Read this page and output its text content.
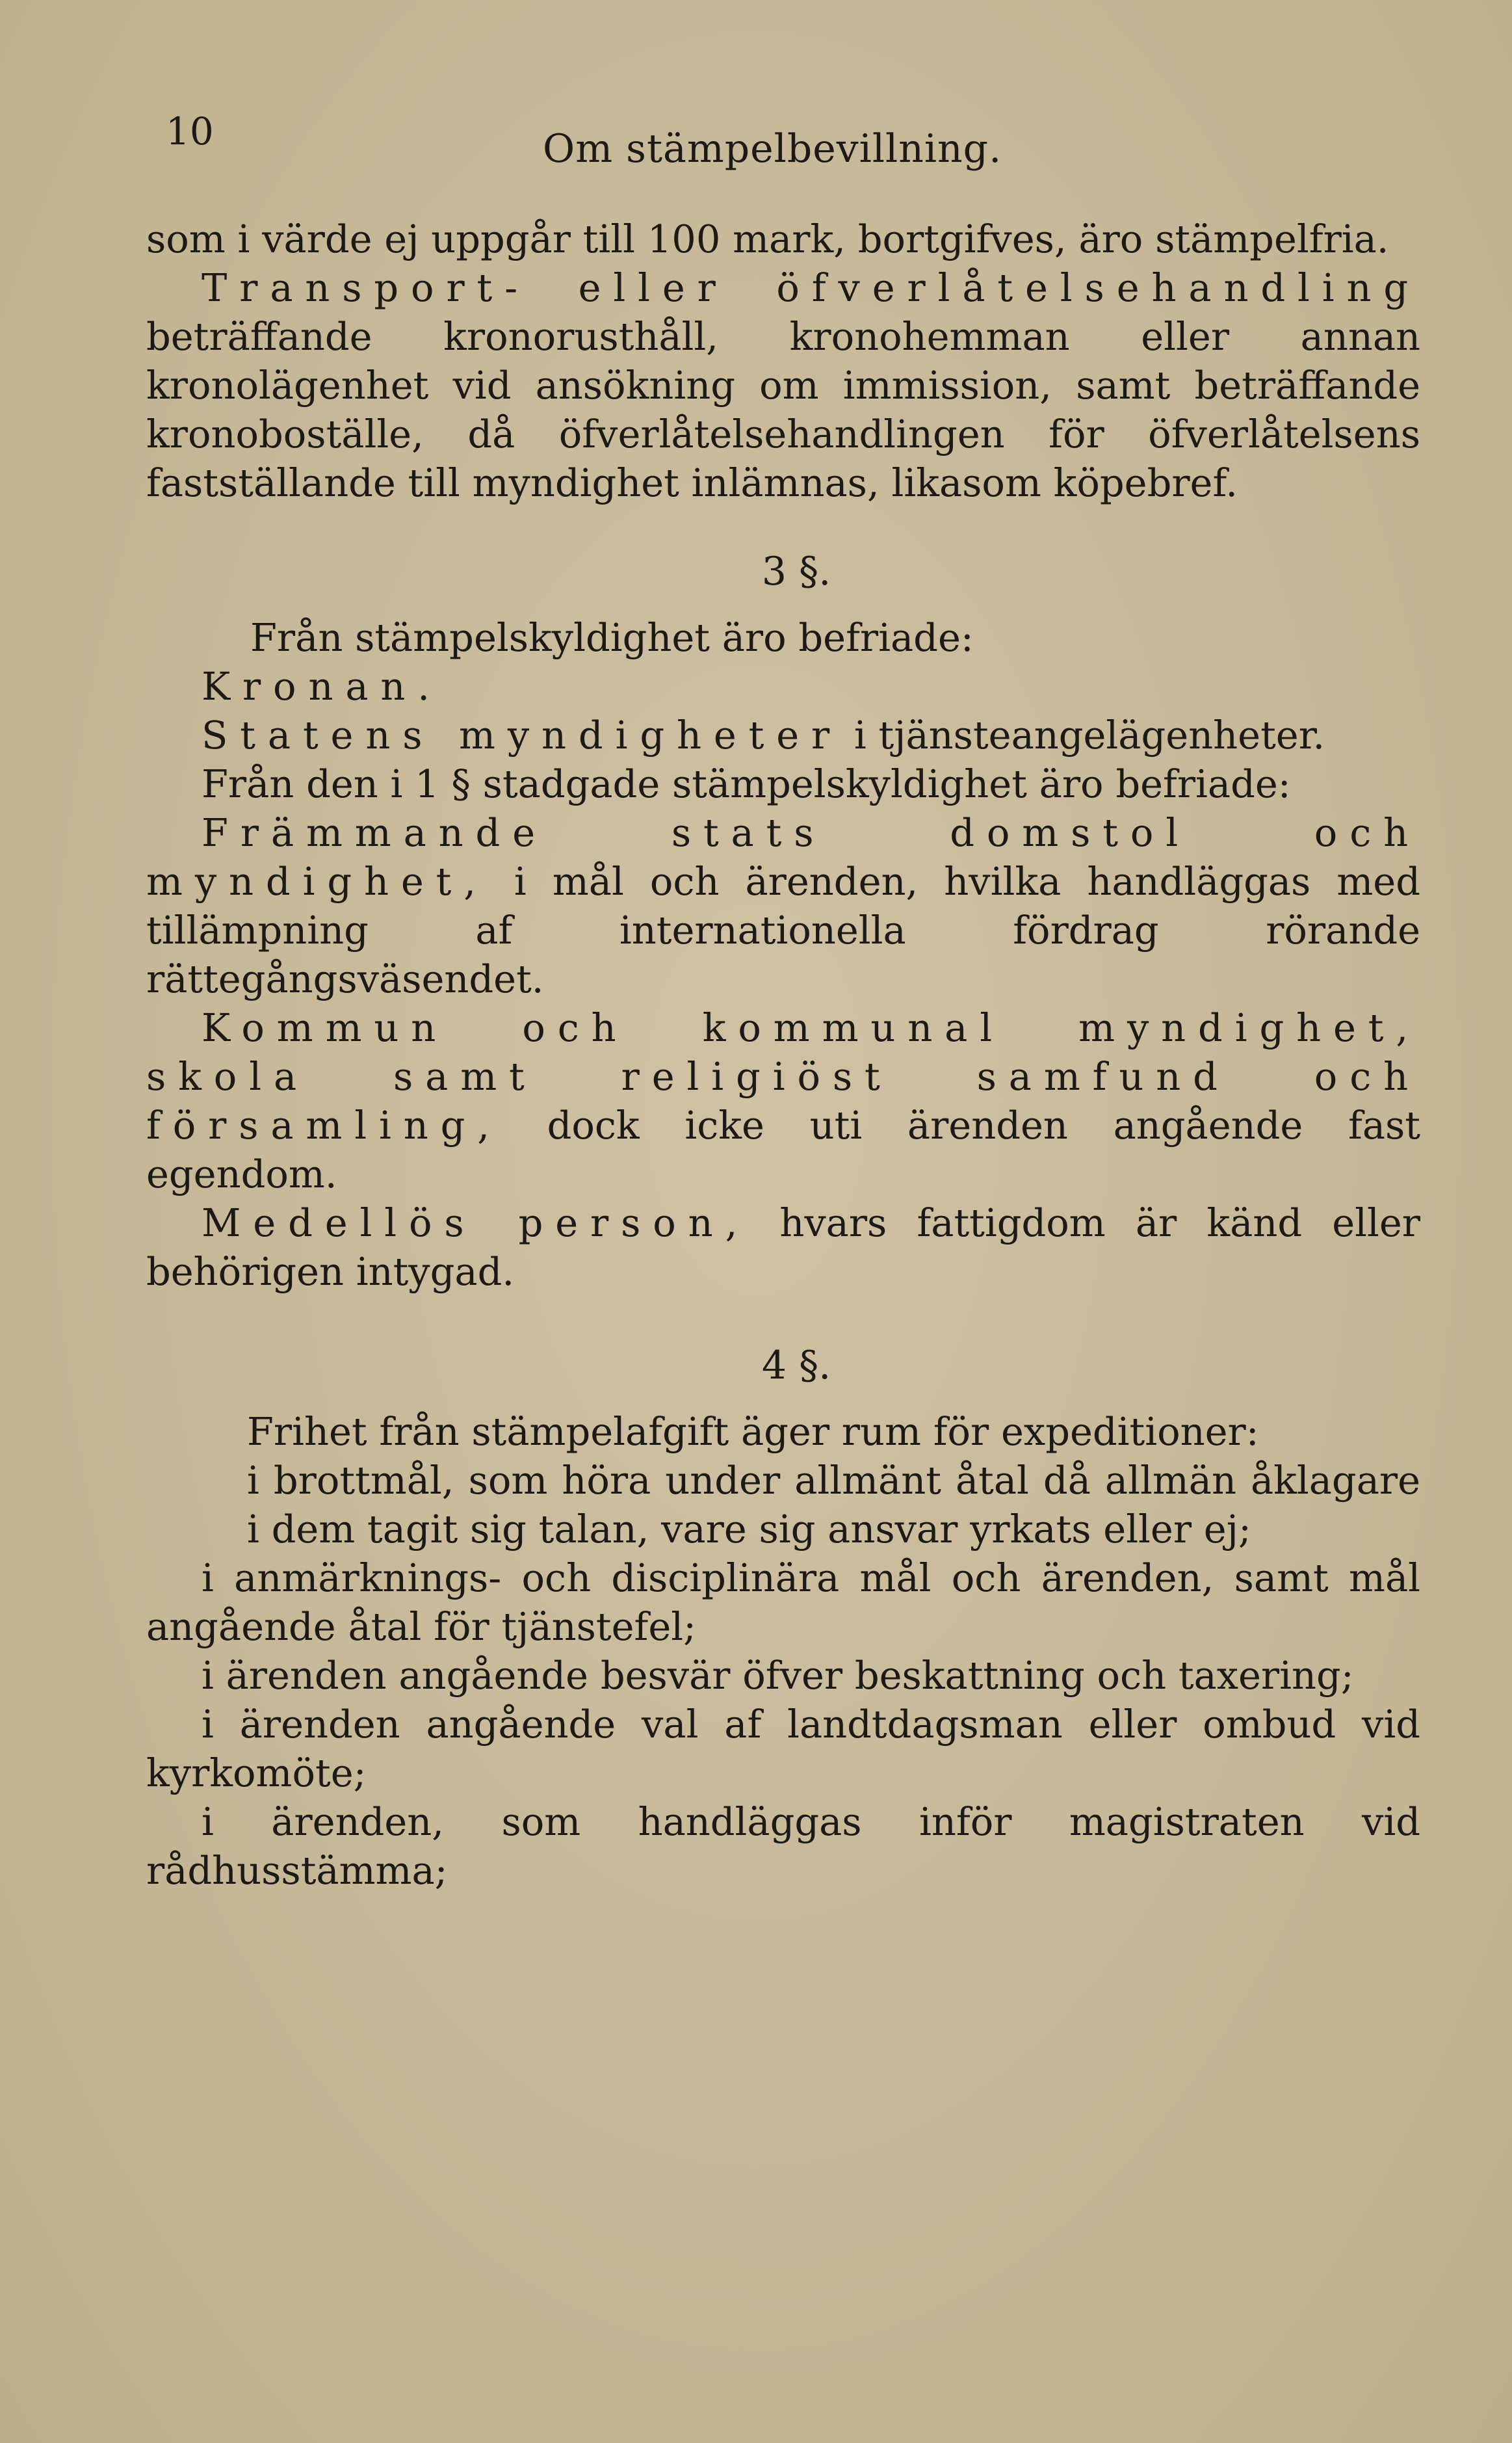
10	Om stämpelbevillning.

som i värde ej uppgår till 100 mark, bortgifves, äro stämpelfria.

Transport- eller öfverlåtelsehandling beträffande kronorusthåll, kronohemman eller annan kronolägenhet vid ansökning om immission, samt beträffande kronoboställe, då öfverlåtelsehandlingen för öfverlåtelsens fastställande till myndighet inlämnas, likasom köpebref.

3 §.

Från stämpelskyldighet äro befriade:

Kronan.

Statens myndigheter i tjänsteangelägenheter.

Från den i 1 § stadgade stämpelskyldighet äro befriade:

Främmande stats domstol och myndighet, i mål och ärenden, hvilka handläggas med tillämpning af internationella fördrag rörande rättegångsväsendet.

Kommun och kommunal myndighet, skola samt religiöst samfund och församling, dock icke uti ärenden angående fast egendom.

Medellös person, hvars fattigdom är känd eller behörigen intygad.

4 §.

Frihet från stämpelafgift äger rum för expeditioner:

i brottmål, som höra under allmänt åtal då allmän åklagare i dem tagit sig talan, vare sig ansvar yrkats eller ej;

i anmärknings- och disciplinära mål och ärenden, samt mål angående åtal för tjänstefel;

i ärenden angående besvär öfver beskattning och taxering;

i ärenden angående val af landtdagsman eller ombud vid kyrkomöte;

i ärenden, som handläggas inför magistraten vid rådhusstämma;
